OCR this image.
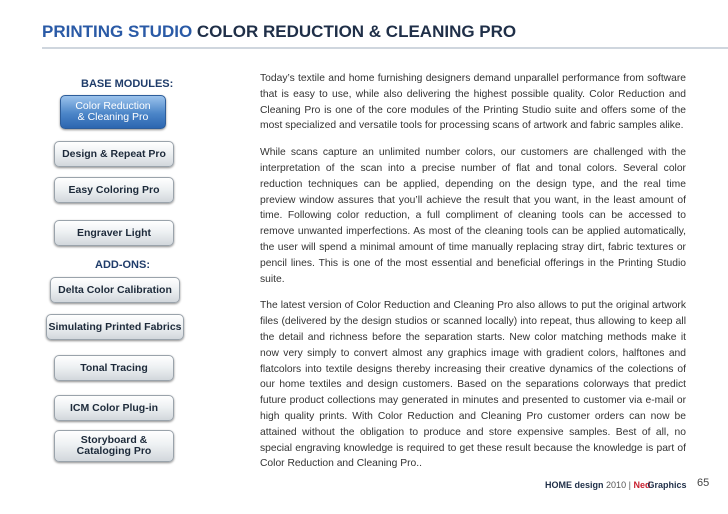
PRINTING STUDIO COLOR REDUCTION & CLEANING PRO
BASE MODULES:
Color Reduction
& Cleaning Pro
Design & Repeat Pro
Easy Coloring Pro
Engraver Light
ADD-ONS:
Delta Color Calibration
Simulating Printed Fabrics
Tonal Tracing
ICM Color Plug-in
Storyboard &
Cataloging Pro

Today’s textile and home furnishing designers demand unparallel performance from software that is easy to use, while also delivering the highest possible quality. Color Reduction and Cleaning Pro is one of the core modules of the Printing Studio suite and offers some of the most specialized and versatile tools for processing scans of artwork and fabric samples alike.

While scans capture an unlimited number colors, our customers are challenged with the interpretation of the scan into a precise number of flat and tonal colors. Several color reduction techniques can be applied, depending on the design type, and the real time preview window assures that you’ll achieve the result that you want, in the least amount of time. Following color reduction, a full compliment of cleaning tools can be accessed to remove unwanted imperfections. As most of the cleaning tools can be applied automatically, the user will spend a minimal amount of time manually replacing stray dirt, fabric textures or pencil lines. This is one of the most essential and beneficial offerings in the Printing Studio suite.

The latest version of Color Reduction and Cleaning Pro also allows to put the original artwork files (delivered by the design studios or scanned locally) into repeat, thus allowing to keep all the detail and richness before the separation starts. New color matching methods make it now very simply to convert almost any graphics image with gradient colors, halftones and flatcolors into textile designs thereby increasing their creative dynamics of the colections of our home textiles and design customers. Based on the separations colorways that predict future product collections may generated in minutes and presented to customer via e-mail or high quality prints. With Color Reduction and Cleaning Pro customer orders can now be attained without the obligation to produce and store expensive samples. Best of all, no special engraving knowledge is required to get these result because the knowledge is part of Color Reduction and Cleaning Pro..

HOME design 2010 | NedGraphics 65
